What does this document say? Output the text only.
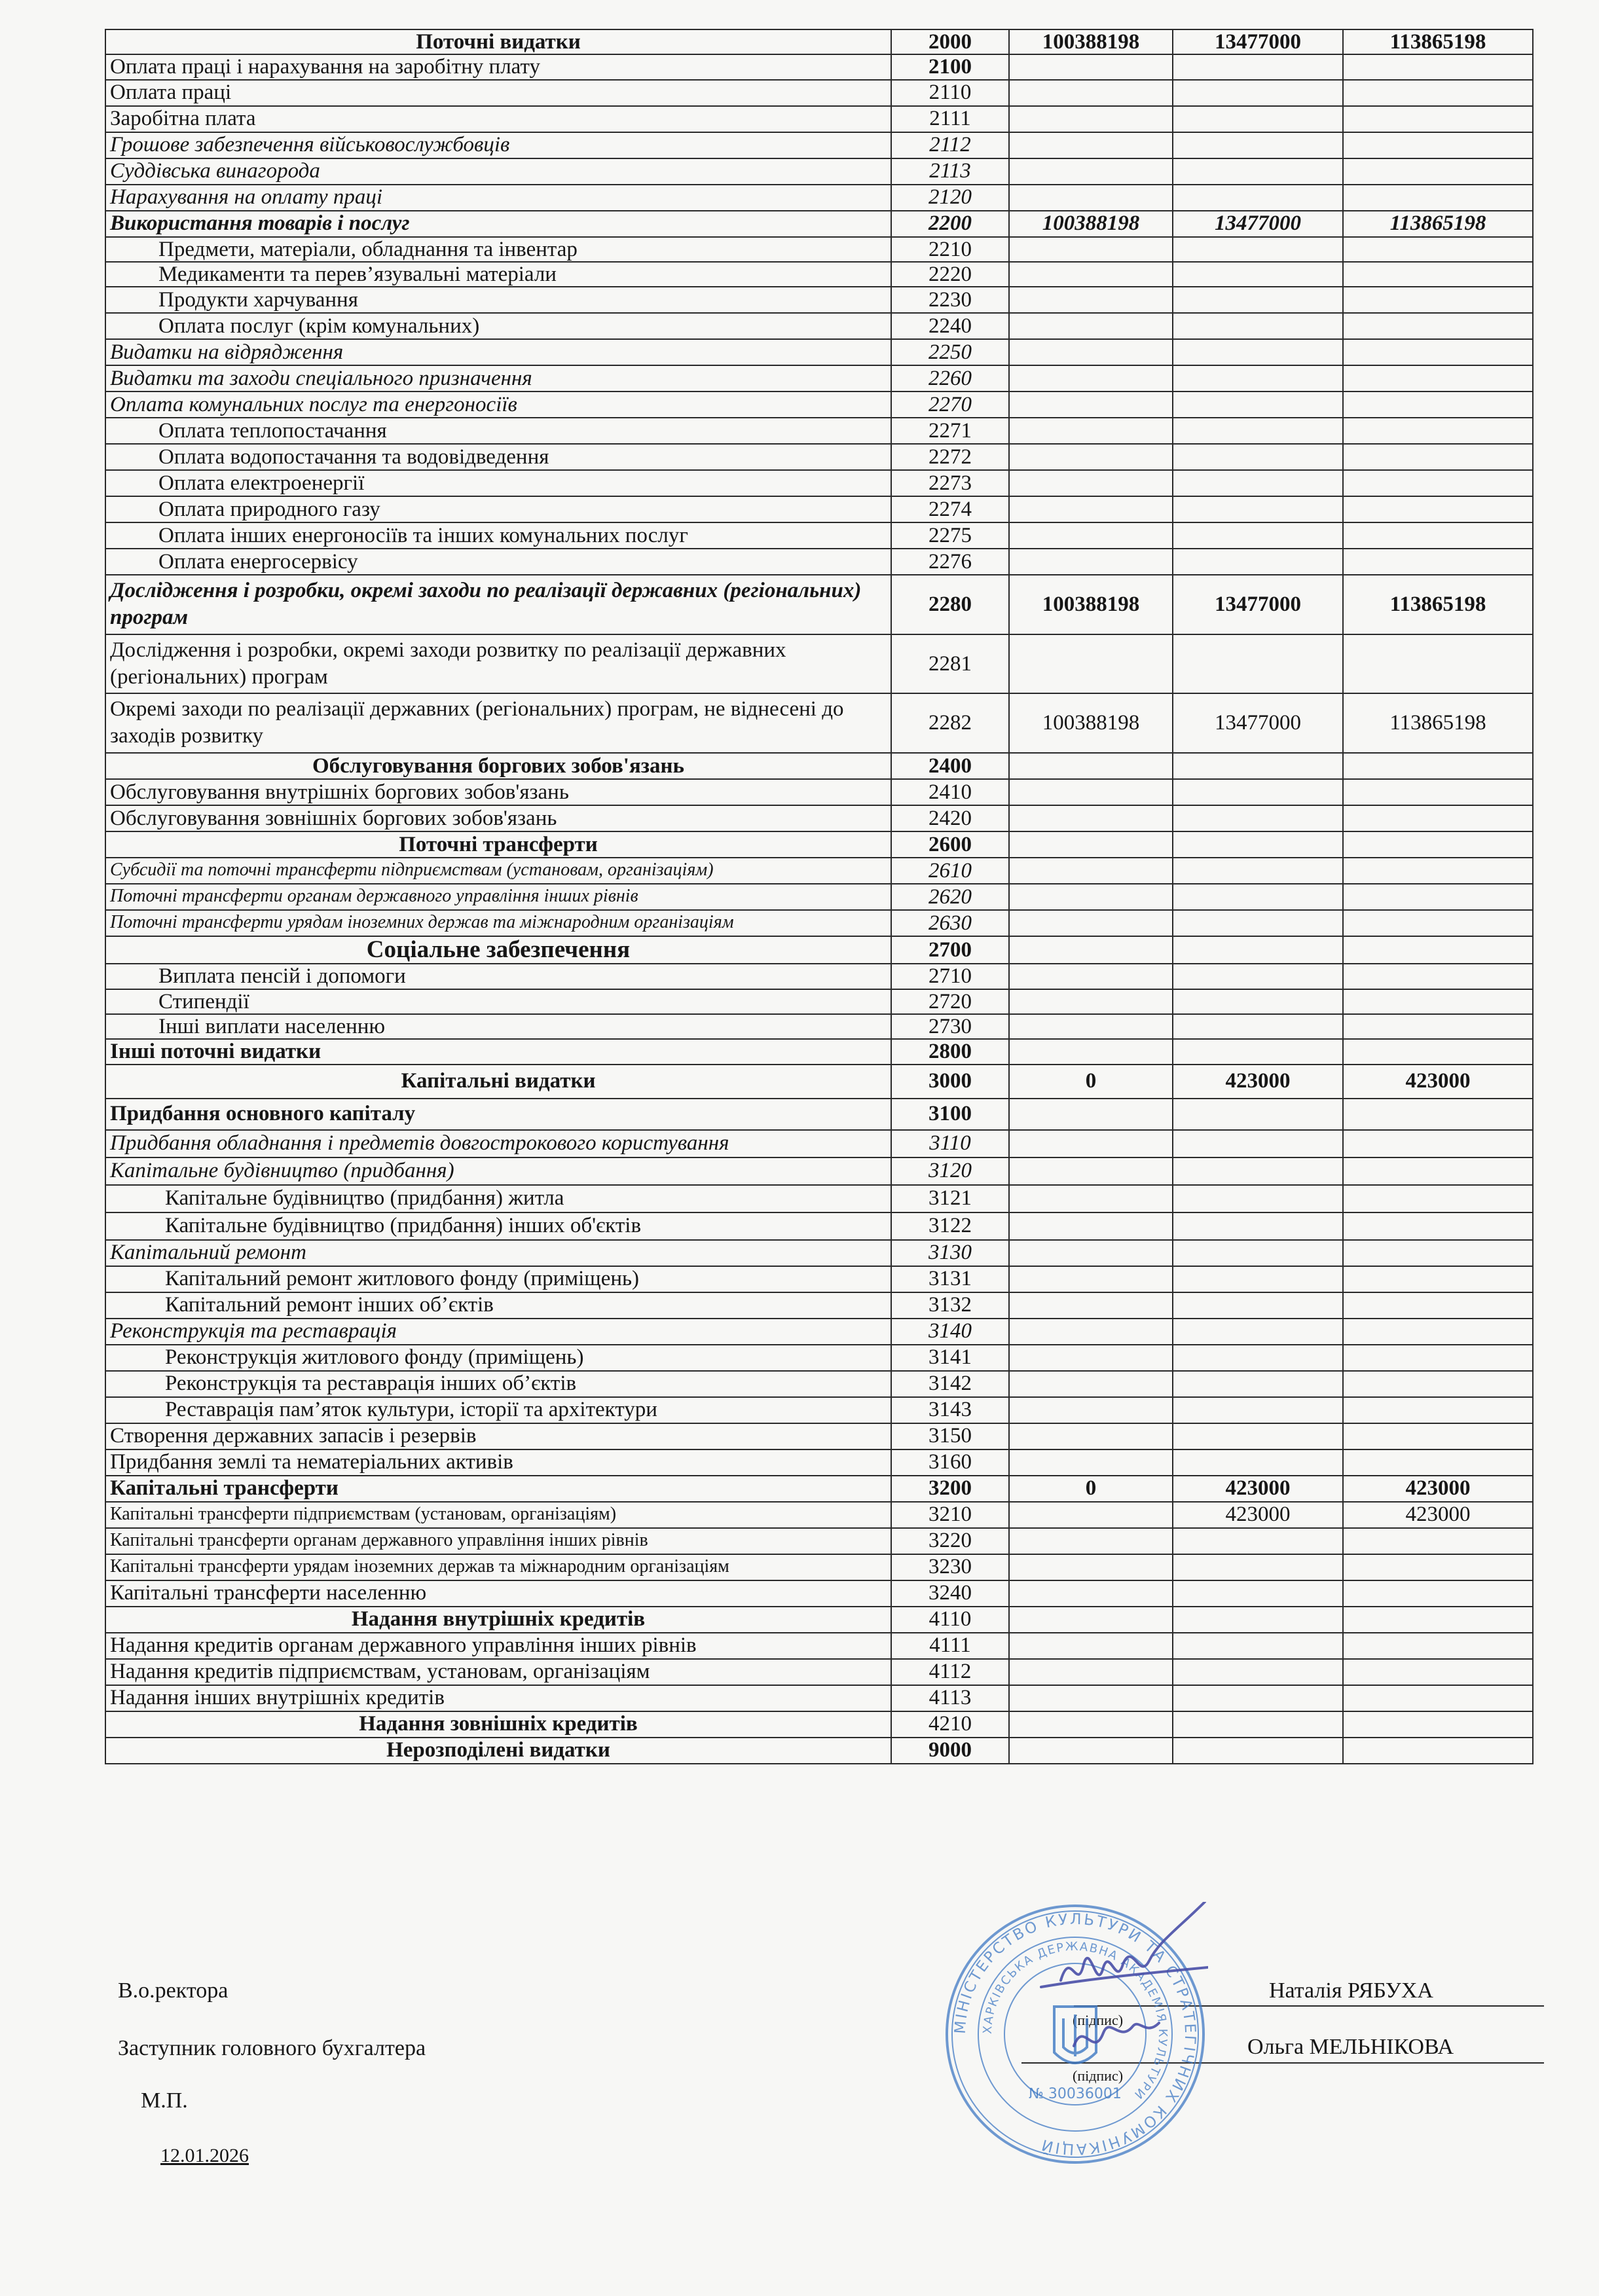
Поточні видатки	2000	100388198	13477000	113865198
Оплата праці і нарахування на заробітну плату	2100			
Оплата праці	2110			
Заробітна плата	2111			
Грошове забезпечення військовослужбовців	2112			
Суддівська винагорода	2113			
Нарахування на оплату праці	2120			
Використання товарів і послуг	2200	100388198	13477000	113865198
Предмети, матеріали, обладнання та інвентар	2210			
Медикаменти та перев’язувальні матеріали	2220			
Продукти харчування	2230			
Оплата послуг (крім комунальних)	2240			
Видатки на відрядження	2250			
Видатки та заходи спеціального призначення	2260			
Оплата комунальних послуг та енергоносіїв	2270			
Оплата теплопостачання	2271			
Оплата водопостачання та водовідведення	2272			
Оплата електроенергії	2273			
Оплата природного газу	2274			
Оплата інших енергоносіїв та інших комунальних послуг	2275			
Оплата енергосервісу	2276			
Дослідження і розробки, окремі заходи по реалізації державних (регіональних) програм	2280	100388198	13477000	113865198
Дослідження і розробки, окремі заходи розвитку по реалізації державних (регіональних) програм	2281			
Окремі заходи по реалізації державних (регіональних) програм, не віднесені до заходів розвитку	2282	100388198	13477000	113865198
Обслуговування боргових зобов'язань	2400			
Обслуговування внутрішніх боргових зобов'язань	2410			
Обслуговування зовнішніх боргових зобов'язань	2420			
Поточні трансферти	2600			
Субсидії та поточні трансферти підприємствам (установам, організаціям)	2610			
Поточні трансферти органам державного управління інших рівнів	2620			
Поточні трансферти урядам іноземних держав та міжнародним організаціям	2630			
Соціальне забезпечення	2700			
Виплата пенсій і допомоги	2710			
Стипендії	2720			
Інші виплати населенню	2730			
Інші поточні видатки	2800			
Капітальні видатки	3000	0	423000	423000
Придбання основного капіталу	3100			
Придбання обладнання і предметів довгострокового користування	3110			
Капітальне будівництво (придбання)	3120			
Капітальне будівництво (придбання) житла	3121			
Капітальне будівництво (придбання) інших об'єктів	3122			
Капітальний ремонт	3130			
Капітальний ремонт житлового фонду (приміщень)	3131			
Капітальний ремонт інших об’єктів	3132			
Реконструкція та реставрація	3140			
Реконструкція житлового фонду (приміщень)	3141			
Реконструкція та реставрація інших об’єктів	3142			
Реставрація пам’яток культури, історії та архітектури	3143			
Створення державних запасів і резервів	3150			
Придбання землі та нематеріальних активів	3160			
Капітальні трансферти	3200	0	423000	423000
Капітальні трансферти підприємствам (установам, організаціям)	3210		423000	423000
Капітальні трансферти органам державного управління інших рівнів	3220			
Капітальні трансферти урядам іноземних держав та міжнародним організаціям	3230			
Капітальні трансферти населенню	3240			
Надання внутрішніх кредитів	4110			
Надання кредитів органам державного управління інших рівнів	4111			
Надання кредитів підприємствам, установам, організаціям	4112			
Надання інших внутрішніх кредитів	4113			
Надання зовнішніх кредитів	4210			
Нерозподілені видатки	9000			
В.о.ректора	Наталія РЯБУХА
Заступник головного бухгалтера	Ольга МЕЛЬНІКОВА
(підпис)
(підпис)
М.П.
12.01.2026
МІНІСТЕРСТВО КУЛЬТУРИ ТА СТРАТЕГІЧНИХ КОМУНІКАЦІЙ
ХАРКІВСЬКА ДЕРЖАВНА АКАДЕМІЯ КУЛЬТУРИ
№ 30036001
